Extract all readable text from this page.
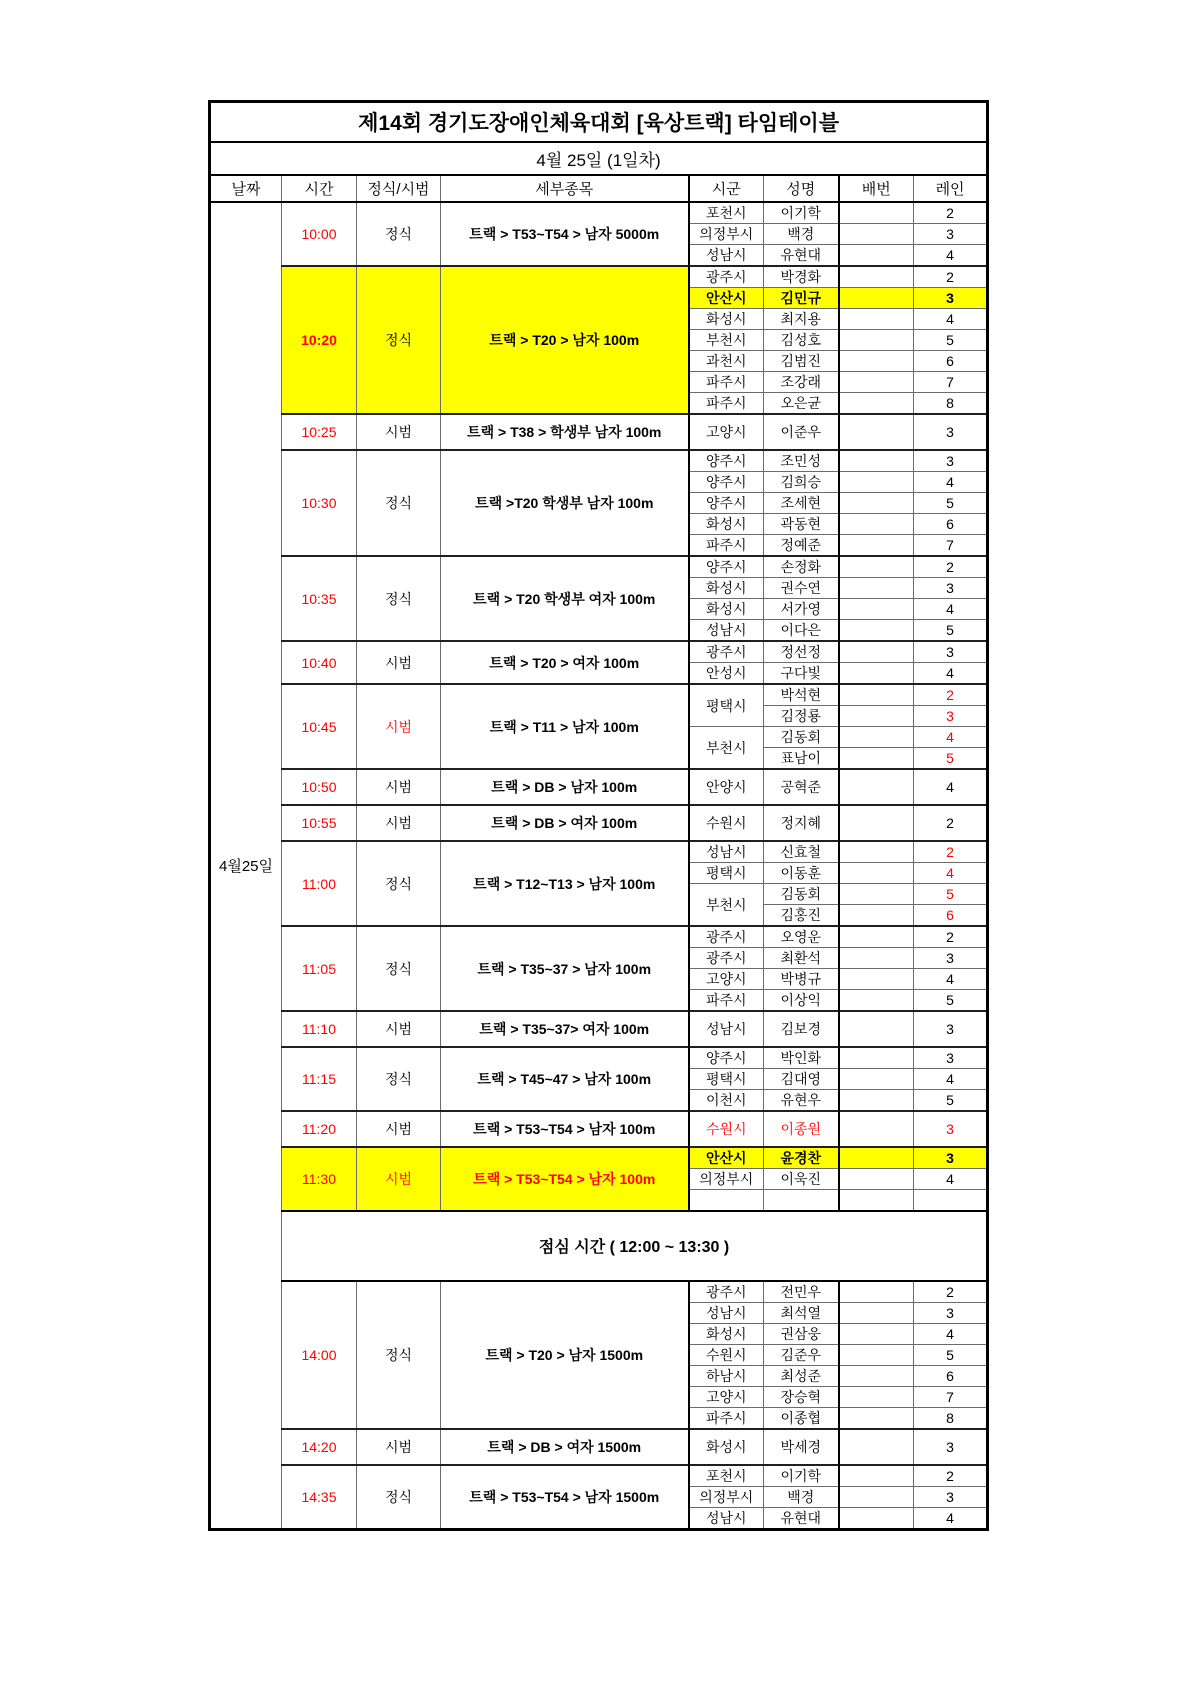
제14회 경기도장애인체육대회 [육상트랙] 타임테이블							
4월 25일 (1일차)							
날짜	시간	정식/시범	세부종목	시군	성명	배번	레인
4월25일	10:00	정식	트랙 > T53~T54 > 남자 5000m	포천시	이기학		2
				의정부시	백경		3
				성남시	유현대		4
	10:20	정식	트랙 > T20 > 남자 100m	광주시	박경화		2
				안산시	김민규		3
				화성시	최지용		4
				부천시	김성호		5
				과천시	김범진		6
				파주시	조강래		7
				파주시	오은균		8
	10:25	시범	트랙 > T38 > 학생부 남자 100m	고양시	이준우		3
	10:30	정식	트랙 >T20 학생부 남자 100m	양주시	조민성		3
				양주시	김희승		4
				양주시	조세현		5
				화성시	곽동현		6
				파주시	정예준		7
	10:35	정식	트랙 > T20 학생부 여자 100m	양주시	손정화		2
				화성시	권수연		3
				화성시	서가영		4
				성남시	이다은		5
	10:40	시범	트랙 > T20 > 여자 100m	광주시	정선정		3
				안성시	구다빛		4
	10:45	시범	트랙 > T11 > 남자 100m	평택시	박석현		2
					김정룡		3
				부천시	김동회		4
					표남이		5
	10:50	시범	트랙 > DB > 남자 100m	안양시	공혁준		4
	10:55	시범	트랙 > DB > 여자 100m	수원시	정지혜		2
	11:00	정식	트랙 > T12~T13 > 남자 100m	성남시	신효철		2
				평택시	이동훈		4
				부천시	김동회		5
					김홍진		6
	11:05	정식	트랙 > T35~37 > 남자 100m	광주시	오영운		2
				광주시	최환석		3
				고양시	박병규		4
				파주시	이상익		5
	11:10	시범	트랙 > T35~37> 여자 100m	성남시	김보경		3
	11:15	정식	트랙 > T45~47 > 남자 100m	양주시	박인화		3
				평택시	김대영		4
				이천시	유현우		5
	11:20	시범	트랙 > T53~T54 > 남자 100m	수원시	이종원		3
	11:30	시범	트랙 > T53~T54 > 남자 100m	안산시	윤경찬		3
				의정부시	이욱진		4

	점심 시간 ( 12:00 ~ 13:30 )						
	14:00	정식	트랙 > T20 > 남자 1500m	광주시	전민우		2
				성남시	최석열		3
				화성시	권삼웅		4
				수원시	김준우		5
				하남시	최성준		6
				고양시	장승혁		7
				파주시	이종협		8
	14:20	시범	트랙 > DB > 여자 1500m	화성시	박세경		3
	14:35	정식	트랙 > T53~T54 > 남자 1500m	포천시	이기학		2
				의정부시	백경		3
				성남시	유현대		4
